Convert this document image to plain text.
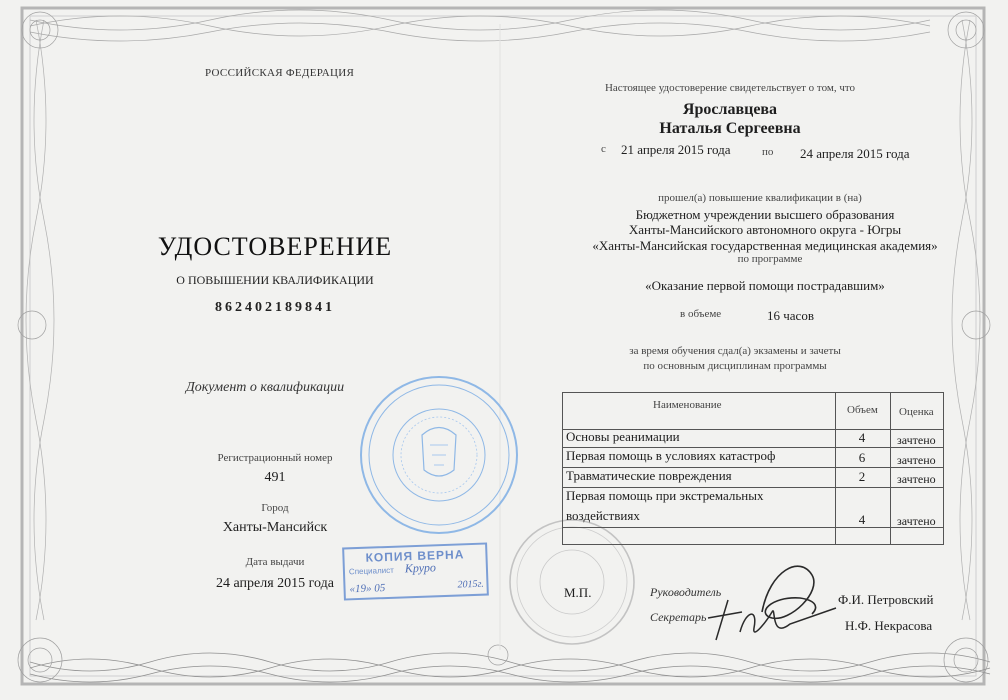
РОССИЙСКАЯ ФЕДЕРАЦИЯ
УДОСТОВЕРЕНИЕ
О ПОВЫШЕНИИ КВАЛИФИКАЦИИ
862402189841
Документ о квалификации
Регистрационный номер
491
Город
Ханты-Мансийск
Дата выдачи
24 апреля 2015 года
Настоящее удостоверение свидетельствует о том, что
Ярославцева
Наталья Сергеевна
с 21 апреля 2015 года	по 24 апреля 2015 года
прошел(а) повышение квалификации в (на)
Бюджетном учреждении высшего образования
Ханты-Мансийского автономного округа - Югры
«Ханты-Мансийская государственная медицинская академия»
по программе
«Оказание первой помощи пострадавшим»
в объеме	16 часов
за время обучения сдал(а) экзамены и зачеты
по основным дисциплинам программы
Наименование	Объем Оценка
Основы реанимации	4	зачтено
Первая помощь в условиях катастроф	6	зачтено
Травматические повреждения	2	зачтено
Первая помощь при экстремальных
воздействиях	4	зачтено
М.П.	Руководитель
Секретарь
Ф.И. Петровский
Н.Ф. Некрасова
КОПИЯ ВЕРНА
Специалист Круро
«19» 05	2015г.
